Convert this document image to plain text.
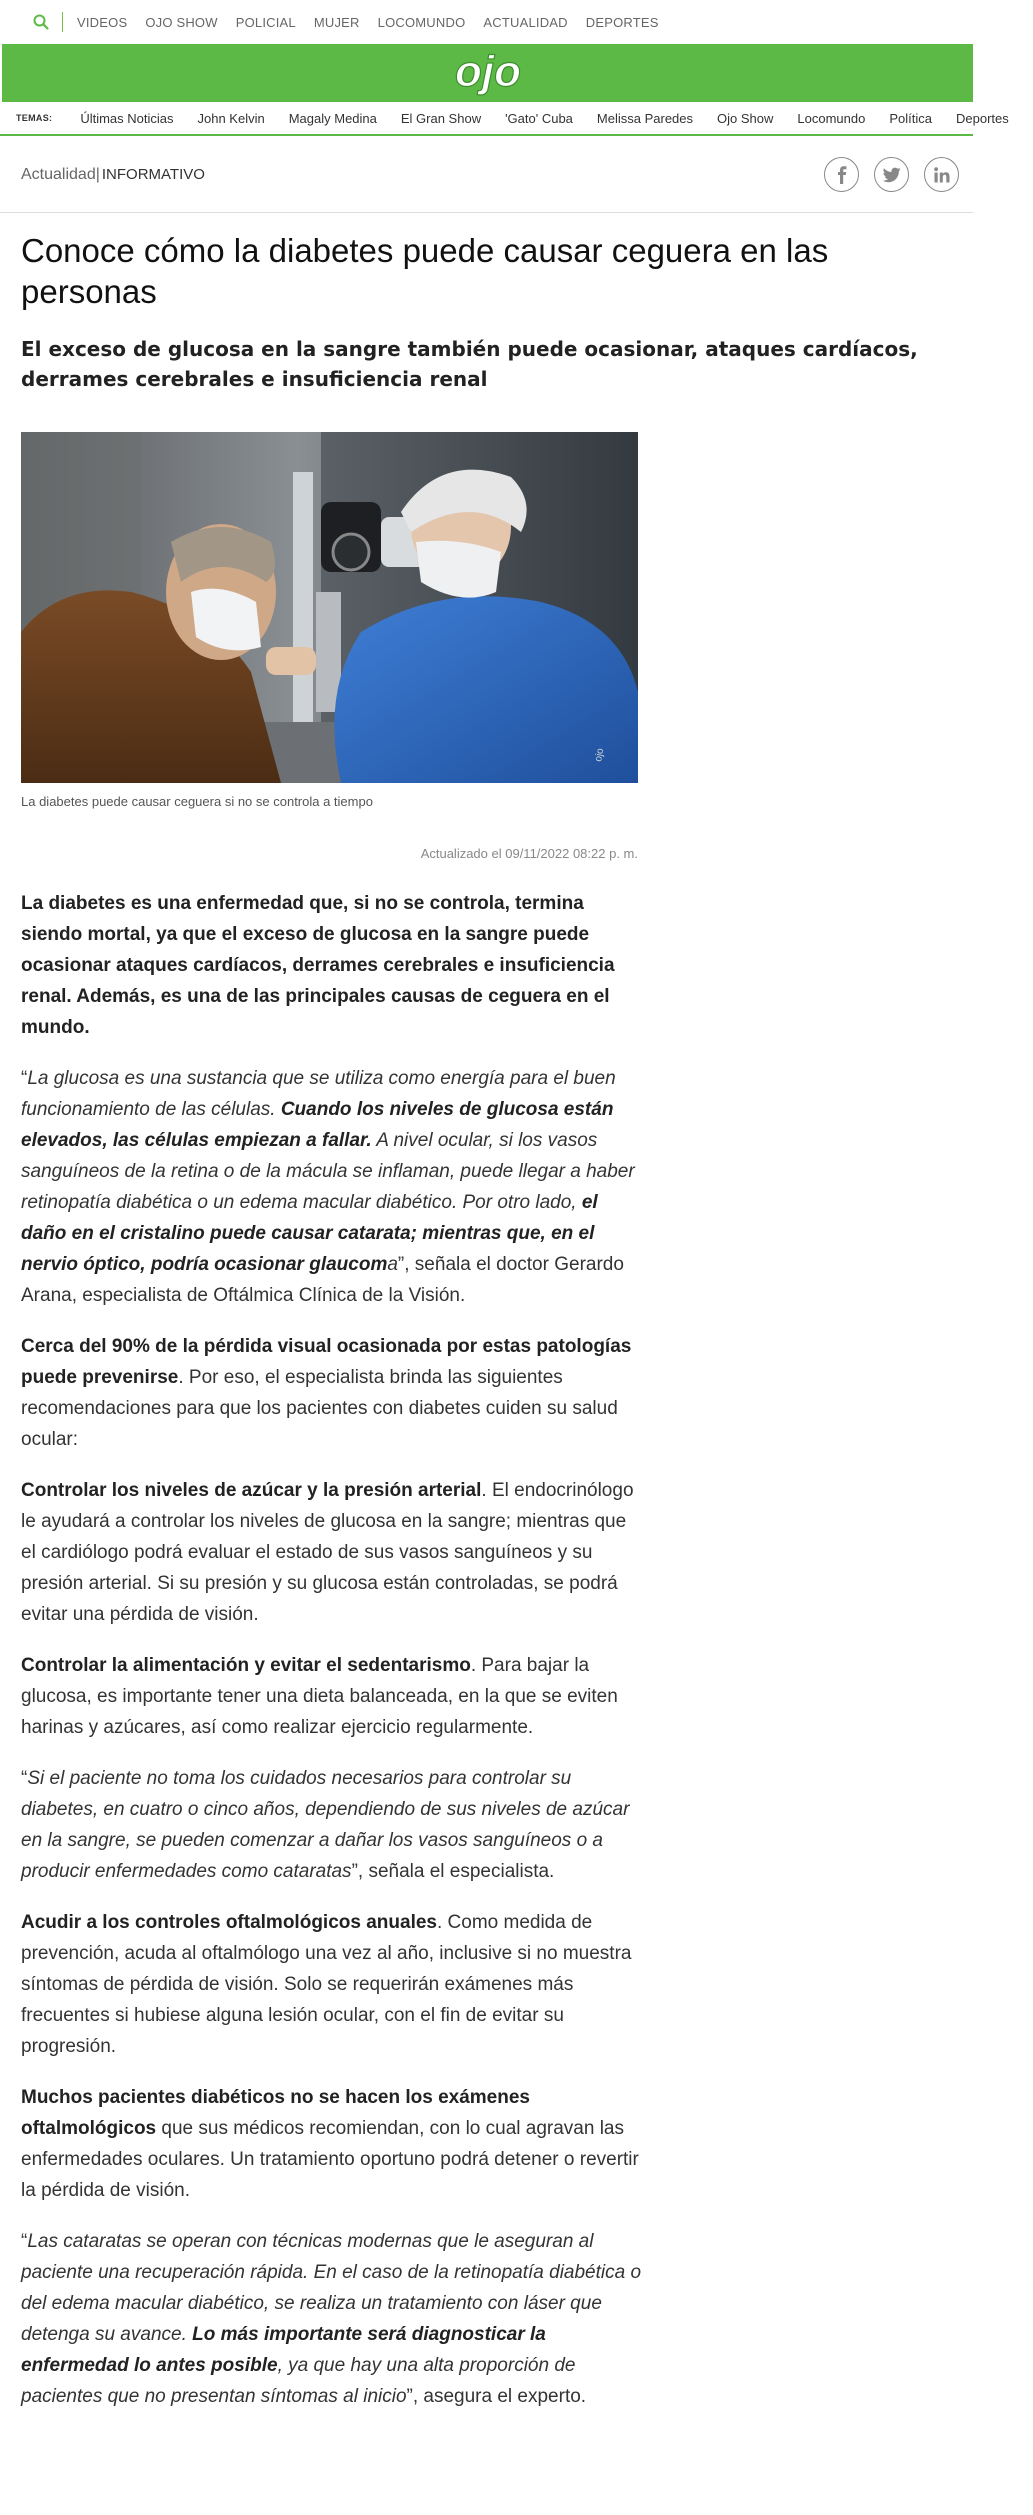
VIDEOS OJO SHOW POLICIAL MUJER LOCOMUNDO ACTUALIDAD DEPORTES
ojo
TEMAS: Últimas Noticias John Kelvin Magaly Medina El Gran Show 'Gato' Cuba Melissa Paredes Ojo Show Locomundo Política Deportes
Actualidad| INFORMATIVO
Conoce cómo la diabetes puede causar ceguera en las personas
El exceso de glucosa en la sangre también puede ocasionar, ataques cardíacos, derrames cerebrales e insuficiencia renal
ojo
La diabetes puede causar ceguera si no se controla a tiempo
Actualizado el 09/11/2022 08:22 p. m.

La diabetes es una enfermedad que, si no se controla, termina siendo mortal, ya que el exceso de glucosa en la sangre puede ocasionar ataques cardíacos, derrames cerebrales e insuficiencia renal. Además, es una de las principales causas de ceguera en el mundo.

“La glucosa es una sustancia que se utiliza como energía para el buen funcionamiento de las células. Cuando los niveles de glucosa están elevados, las células empiezan a fallar. A nivel ocular, si los vasos sanguíneos de la retina o de la mácula se inflaman, puede llegar a haber retinopatía diabética o un edema macular diabético. Por otro lado, el daño en el cristalino puede causar catarata; mientras que, en el nervio óptico, podría ocasionar glaucoma”, señala el doctor Gerardo Arana, especialista de Oftálmica Clínica de la Visión.

Cerca del 90% de la pérdida visual ocasionada por estas patologías puede prevenirse. Por eso, el especialista brinda las siguientes recomendaciones para que los pacientes con diabetes cuiden su salud ocular:

Controlar los niveles de azúcar y la presión arterial. El endocrinólogo le ayudará a controlar los niveles de glucosa en la sangre; mientras que el cardiólogo podrá evaluar el estado de sus vasos sanguíneos y su presión arterial. Si su presión y su glucosa están controladas, se podrá evitar una pérdida de visión.

Controlar la alimentación y evitar el sedentarismo. Para bajar la glucosa, es importante tener una dieta balanceada, en la que se eviten harinas y azúcares, así como realizar ejercicio regularmente.

“Si el paciente no toma los cuidados necesarios para controlar su diabetes, en cuatro o cinco años, dependiendo de sus niveles de azúcar en la sangre, se pueden comenzar a dañar los vasos sanguíneos o a producir enfermedades como cataratas”, señala el especialista.

Acudir a los controles oftalmológicos anuales. Como medida de prevención, acuda al oftalmólogo una vez al año, inclusive si no muestra síntomas de pérdida de visión. Solo se requerirán exámenes más frecuentes si hubiese alguna lesión ocular, con el fin de evitar su progresión.

Muchos pacientes diabéticos no se hacen los exámenes oftalmológicos que sus médicos recomiendan, con lo cual agravan las enfermedades oculares. Un tratamiento oportuno podrá detener o revertir la pérdida de visión.

“Las cataratas se operan con técnicas modernas que le aseguran al paciente una recuperación rápida. En el caso de la retinopatía diabética o del edema macular diabético, se realiza un tratamiento con láser que detenga su avance. Lo más importante será diagnosticar la enfermedad lo antes posible, ya que hay una alta proporción de pacientes que no presentan síntomas al inicio”, asegura el experto.
